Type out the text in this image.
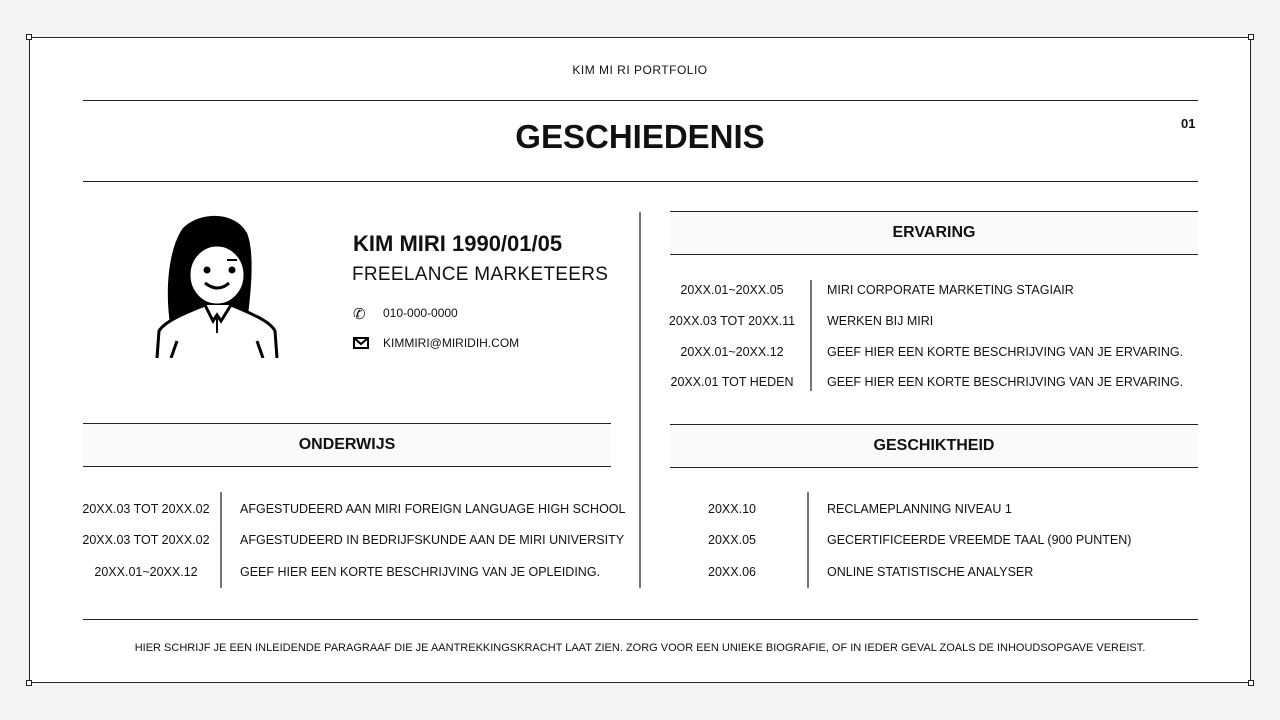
KIM MI RI PORTFOLIO
GESCHIEDENIS	01
KIM MIRI 1990/01/05
FREELANCE MARKETEERS
✆ 010-000-0000
KIMMIRI@MIRIDIH.COM
ERVARING
20XX.01~20XX.05	MIRI CORPORATE MARKETING STAGIAIR
20XX.03 TOT 20XX.11	WERKEN BIJ MIRI
20XX.01~20XX.12	GEEF HIER EEN KORTE BESCHRIJVING VAN JE ERVARING.
20XX.01 TOT HEDEN	GEEF HIER EEN KORTE BESCHRIJVING VAN JE ERVARING.
ONDERWIJS
20XX.03 TOT 20XX.02 AFGESTUDEERD AAN MIRI FOREIGN LANGUAGE HIGH SCHOOL
20XX.03 TOT 20XX.02 AFGESTUDEERD IN BEDRIJFSKUNDE AAN DE MIRI UNIVERSITY
20XX.01~20XX.12	GEEF HIER EEN KORTE BESCHRIJVING VAN JE OPLEIDING.
GESCHIKTHEID
20XX.10	RECLAMEPLANNING NIVEAU 1
20XX.05	GECERTIFICEERDE VREEMDE TAAL (900 PUNTEN)
20XX.06	ONLINE STATISTISCHE ANALYSER
HIER SCHRIJF JE EEN INLEIDENDE PARAGRAAF DIE JE AANTREKKINGSKRACHT LAAT ZIEN. ZORG VOOR EEN UNIEKE BIOGRAFIE, OF IN IEDER GEVAL ZOALS DE INHOUDSOPGAVE VEREIST.
